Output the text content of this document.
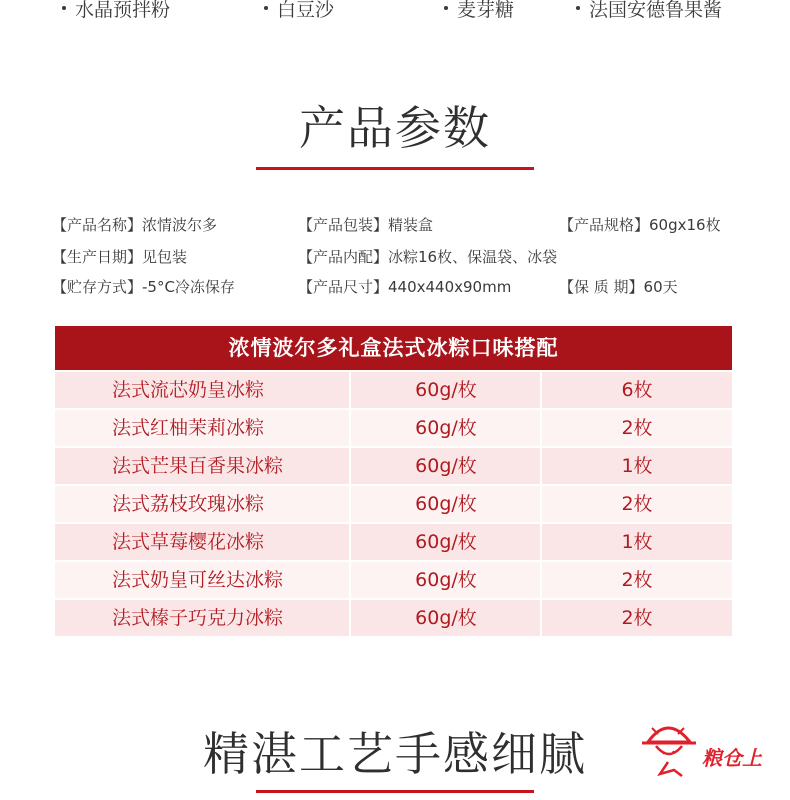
水晶预拌粉	白豆沙	麦芽糖	法国安德鲁果酱
产品参数
【产品名称】浓情波尔多	【产品包装】精装盒	【产品规格】60gx16枚
【生产日期】见包装	【产品内配】冰粽16枚、保温袋、冰袋
【贮存方式】-5°C冷冻保存	【产品尺寸】440x440x90mm	【保 质 期】60天
浓情波尔多礼盒法式冰粽口味搭配
法式流芯奶皇冰粽	60g/枚	6枚
法式红柚茉莉冰粽	60g/枚	2枚
法式芒果百香果冰粽	60g/枚	1枚
法式荔枝玫瑰冰粽	60g/枚	2枚
法式草莓樱花冰粽	60g/枚	1枚
法式奶皇可丝达冰粽	60g/枚	2枚
法式榛子巧克力冰粽	60g/枚	2枚
精湛工艺手感细腻	粮仓上
